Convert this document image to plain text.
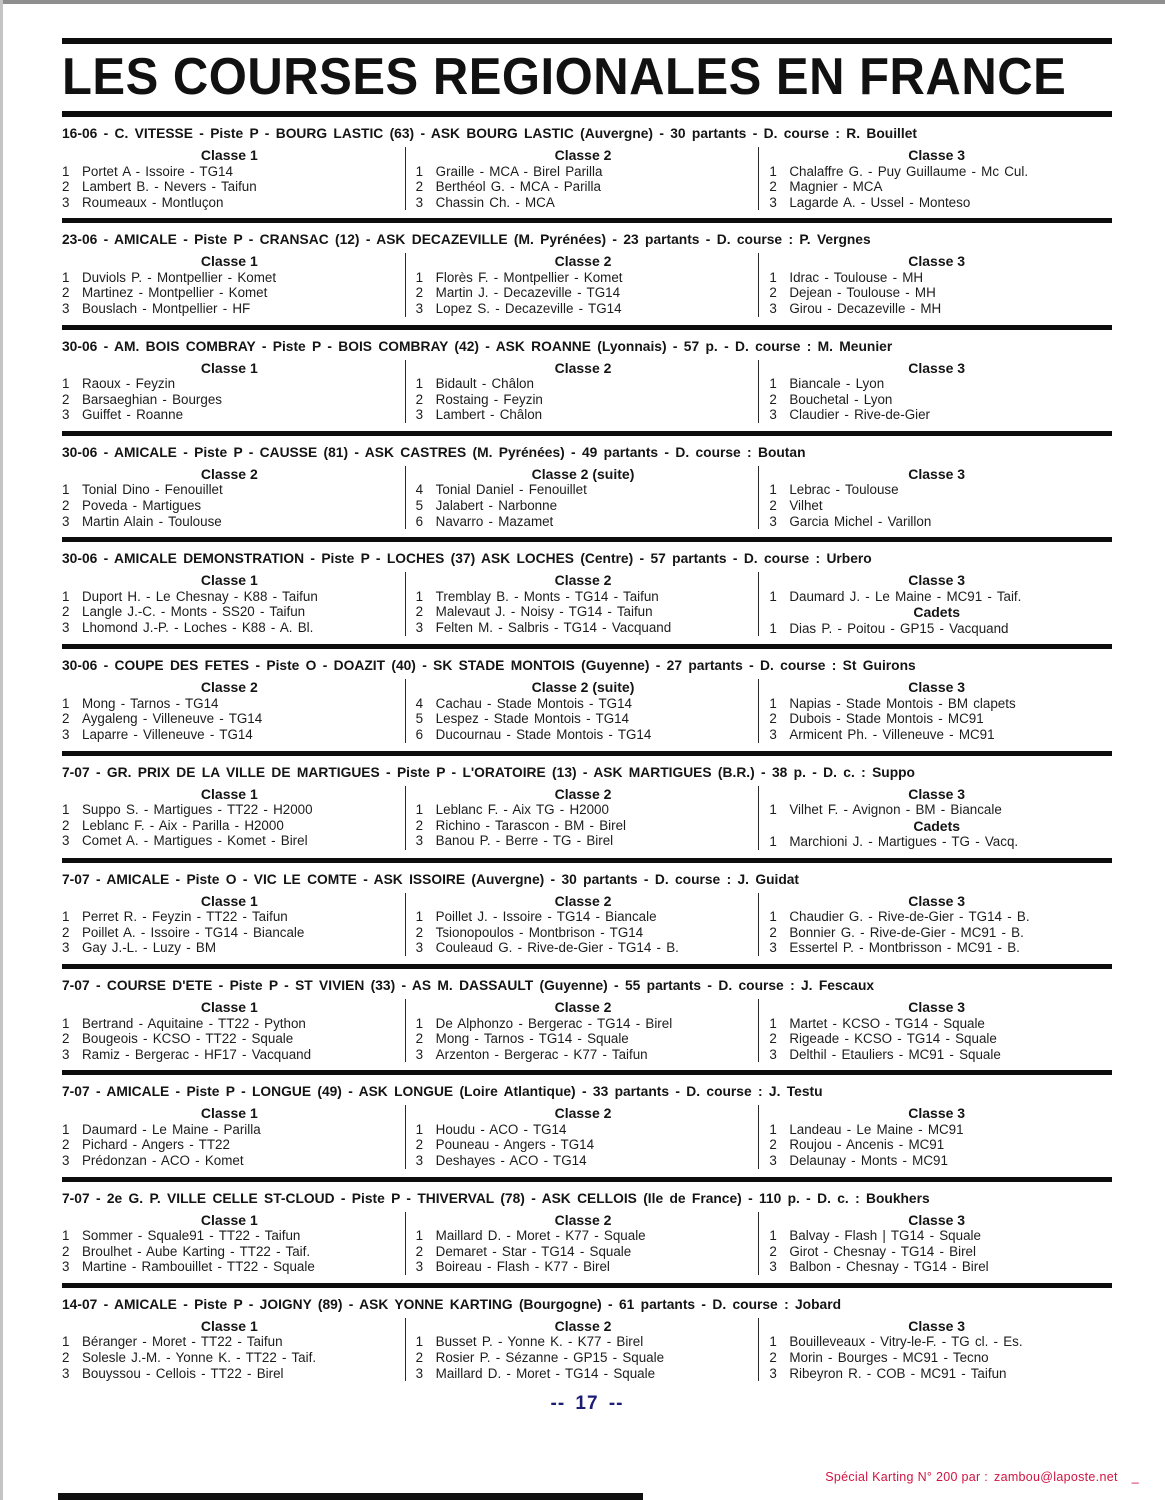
LES COURSES REGIONALES EN FRANCE
16-06 - C. VITESSE - Piste P - BOURG LASTIC (63) - ASK BOURG LASTIC (Auvergne) - 30 partants - D. course : R. Bouillet
Classe 1
1 Portet A - Issoire - TG14
2 Lambert B. - Nevers - Taifun
3 Roumeaux - Montluçon
Classe 2
1 Graille - MCA - Birel Parilla
2 Berthéol G. - MCA - Parilla
3 Chassin Ch. - MCA
Classe 3
1 Chalaffre G. - Puy Guillaume - Mc Cul.
2 Magnier - MCA
3 Lagarde A. - Ussel - Monteso
23-06 - AMICALE - Piste P - CRANSAC (12) - ASK DECAZEVILLE (M. Pyrénées) - 23 partants - D. course : P. Vergnes
Classe 1
1 Duviols P. - Montpellier - Komet
2 Martinez - Montpellier - Komet
3 Bouslach - Montpellier - HF
Classe 2
1 Florès F. - Montpellier - Komet
2 Martin J. - Decazeville - TG14
3 Lopez S. - Decazeville - TG14
Classe 3
1 Idrac - Toulouse - MH
2 Dejean - Toulouse - MH
3 Girou - Decazeville - MH
30-06 - AM. BOIS COMBRAY - Piste P - BOIS COMBRAY (42) - ASK ROANNE (Lyonnais) - 57 p. - D. course : M. Meunier
Classe 1
1 Raoux - Feyzin
2 Barsaeghian - Bourges
3 Guiffet - Roanne
Classe 2
1 Bidault - Châlon
2 Rostaing - Feyzin
3 Lambert - Châlon
Classe 3
1 Biancale - Lyon
2 Bouchetal - Lyon
3 Claudier - Rive-de-Gier
30-06 - AMICALE - Piste P - CAUSSE (81) - ASK CASTRES (M. Pyrénées) - 49 partants - D. course : Boutan
Classe 2
1 Tonial Dino - Fenouillet
2 Poveda - Martigues
3 Martin Alain - Toulouse
Classe 2 (suite)
4 Tonial Daniel - Fenouillet
5 Jalabert - Narbonne
6 Navarro - Mazamet
Classe 3
1 Lebrac - Toulouse
2 Vilhet
3 Garcia Michel - Varillon
30-06 - AMICALE DEMONSTRATION - Piste P - LOCHES (37) ASK LOCHES (Centre) - 57 partants - D. course : Urbero
Classe 1
1 Duport H. - Le Chesnay - K88 - Taifun
2 Langle J.-C. - Monts - SS20 - Taifun
3 Lhomond J.-P. - Loches - K88 - A. Bl.
Classe 2
1 Tremblay B. - Monts - TG14 - Taifun
2 Malevaut J. - Noisy - TG14 - Taifun
3 Felten M. - Salbris - TG14 - Vacquand
Classe 3
1 Daumard J. - Le Maine - MC91 - Taif.
Cadets
1 Dias P. - Poitou - GP15 - Vacquand
30-06 - COUPE DES FETES - Piste O - DOAZIT (40) - SK STADE MONTOIS (Guyenne) - 27 partants - D. course : St Guirons
Classe 2
1 Mong - Tarnos - TG14
2 Aygaleng - Villeneuve - TG14
3 Laparre - Villeneuve - TG14
Classe 2 (suite)
4 Cachau - Stade Montois - TG14
5 Lespez - Stade Montois - TG14
6 Ducournau - Stade Montois - TG14
Classe 3
1 Napias - Stade Montois - BM clapets
2 Dubois - Stade Montois - MC91
3 Armicent Ph. - Villeneuve - MC91
7-07 - GR. PRIX DE LA VILLE DE MARTIGUES - Piste P - L'ORATOIRE (13) - ASK MARTIGUES (B.R.) - 38 p. - D. c. : Suppo
Classe 1
1 Suppo S. - Martigues - TT22 - H2000
2 Leblanc F. - Aix - Parilla - H2000
3 Comet A. - Martigues - Komet - Birel
Classe 2
1 Leblanc F. - Aix TG - H2000
2 Richino - Tarascon - BM - Birel
3 Banou P. - Berre - TG - Birel
Classe 3
1 Vilhet F. - Avignon - BM - Biancale
Cadets
1 Marchioni J. - Martigues - TG - Vacq.
7-07 - AMICALE - Piste O - VIC LE COMTE - ASK ISSOIRE (Auvergne) - 30 partants - D. course : J. Guidat
Classe 1
1 Perret R. - Feyzin - TT22 - Taifun
2 Poillet A. - Issoire - TG14 - Biancale
3 Gay J.-L. - Luzy - BM
Classe 2
1 Poillet J. - Issoire - TG14 - Biancale
2 Tsionopoulos - Montbrison - TG14
3 Couleaud G. - Rive-de-Gier - TG14 - B.
Classe 3
1 Chaudier G. - Rive-de-Gier - TG14 - B.
2 Bonnier G. - Rive-de-Gier - MC91 - B.
3 Essertel P. - Montbrisson - MC91 - B.
7-07 - COURSE D'ETE - Piste P - ST VIVIEN (33) - AS M. DASSAULT (Guyenne) - 55 partants - D. course : J. Fescaux
Classe 1
1 Bertrand - Aquitaine - TT22 - Python
2 Bougeois - KCSO - TT22 - Squale
3 Ramiz - Bergerac - HF17 - Vacquand
Classe 2
1 De Alphonzo - Bergerac - TG14 - Birel
2 Mong - Tarnos - TG14 - Squale
3 Arzenton - Bergerac - K77 - Taifun
Classe 3
1 Martet - KCSO - TG14 - Squale
2 Rigeade - KCSO - TG14 - Squale
3 Delthil - Etauliers - MC91 - Squale
7-07 - AMICALE - Piste P - LONGUE (49) - ASK LONGUE (Loire Atlantique) - 33 partants - D. course : J. Testu
Classe 1
1 Daumard - Le Maine - Parilla
2 Pichard - Angers - TT22
3 Prédonzan - ACO - Komet
Classe 2
1 Houdu - ACO - TG14
2 Pouneau - Angers - TG14
3 Deshayes - ACO - TG14
Classe 3
1 Landeau - Le Maine - MC91
2 Roujou - Ancenis - MC91
3 Delaunay - Monts - MC91
7-07 - 2e G. P. VILLE CELLE ST-CLOUD - Piste P - THIVERVAL (78) - ASK CELLOIS (Ile de France) - 110 p. - D. c. : Boukhers
Classe 1
1 Sommer - Squale91 - TT22 - Taifun
2 Broulhet - Aube Karting - TT22 - Taif.
3 Martine - Rambouillet - TT22 - Squale
Classe 2
1 Maillard D. - Moret - K77 - Squale
2 Demaret - Star - TG14 - Squale
3 Boireau - Flash - K77 - Birel
Classe 3
1 Balvay - Flash | TG14 - Squale
2 Girot - Chesnay - TG14 - Birel
3 Balbon - Chesnay - TG14 - Birel
14-07 - AMICALE - Piste P - JOIGNY (89) - ASK YONNE KARTING (Bourgogne) - 61 partants - D. course : Jobard
Classe 1
1 Béranger - Moret - TT22 - Taifun
2 Solesle J.-M. - Yonne K. - TT22 - Taif.
3 Bouyssou - Cellois - TT22 - Birel
Classe 2
1 Busset P. - Yonne K. - K77 - Birel
2 Rosier P. - Sézanne - GP15 - Squale
3 Maillard D. - Moret - TG14 - Squale
Classe 3
1 Bouilleveaux - Vitry-le-F. - TG cl. - Es.
2 Morin - Bourges - MC91 - Tecno
3 Ribeyron R. - COB - MC91 - Taifun
-- 17 --
Spécial Karting N° 200 par : zambou@laposte.net _
